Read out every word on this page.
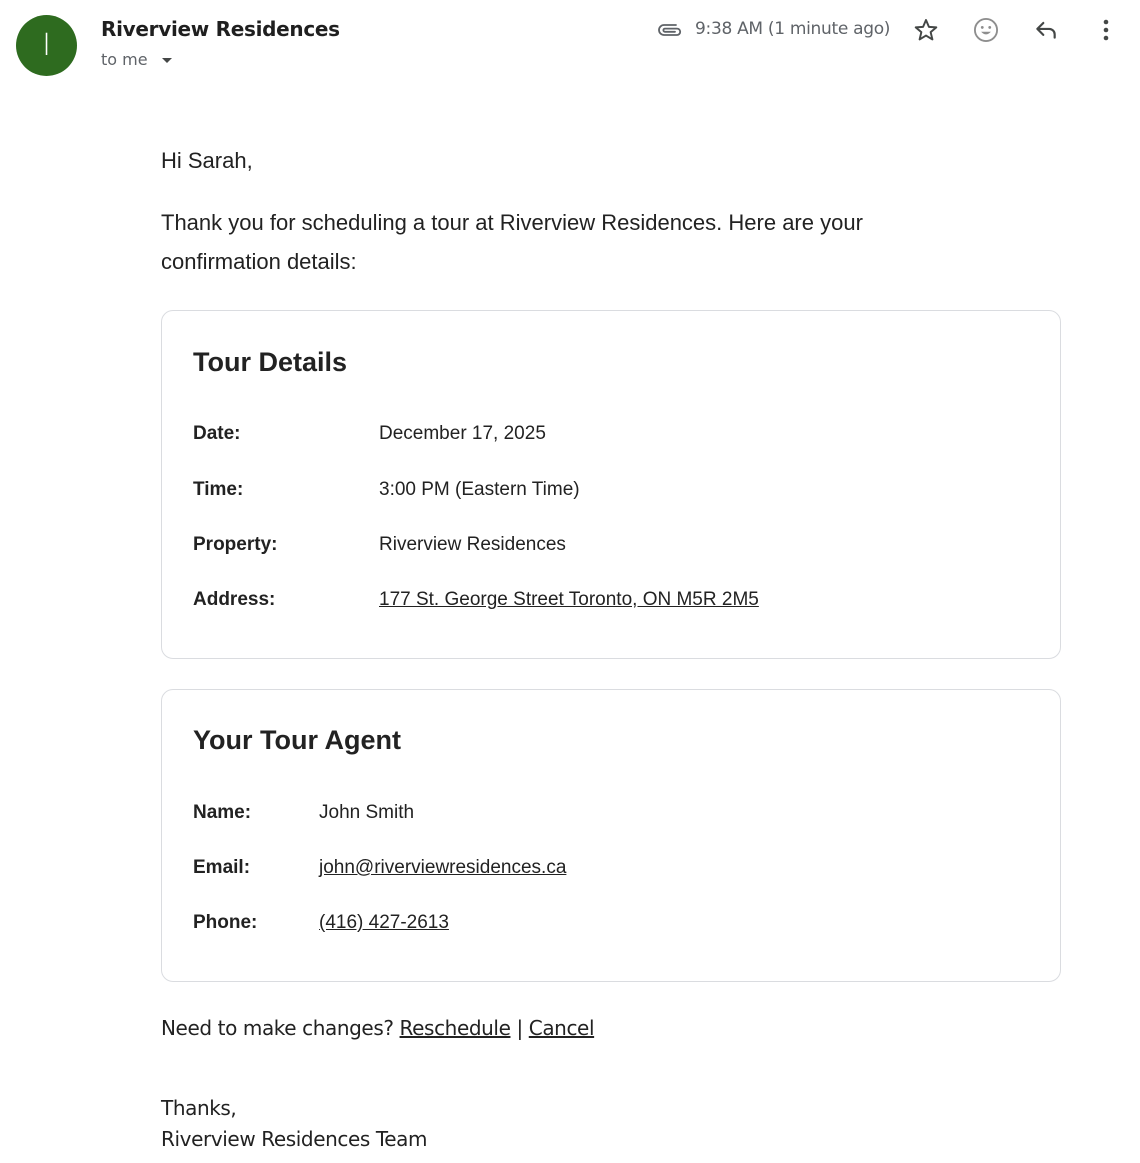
I	Riverview Residences
to me
9:38 AM (1 minute ago)
Hi Sarah,
Thank you for scheduling a tour at Riverview Residences. Here are your confirmation details:
Tour Details
Date:	December 17, 2025
Time:	3:00 PM (Eastern Time)
Property:	Riverview Residences
Address:	177 St. George Street Toronto, ON M5R 2M5
Your Tour Agent
Name:	John Smith
Email:	john@riverviewresidences.ca
Phone:	(416) 427-2613
Need to make changes? Reschedule | Cancel
Thanks,
Riverview Residences Team
